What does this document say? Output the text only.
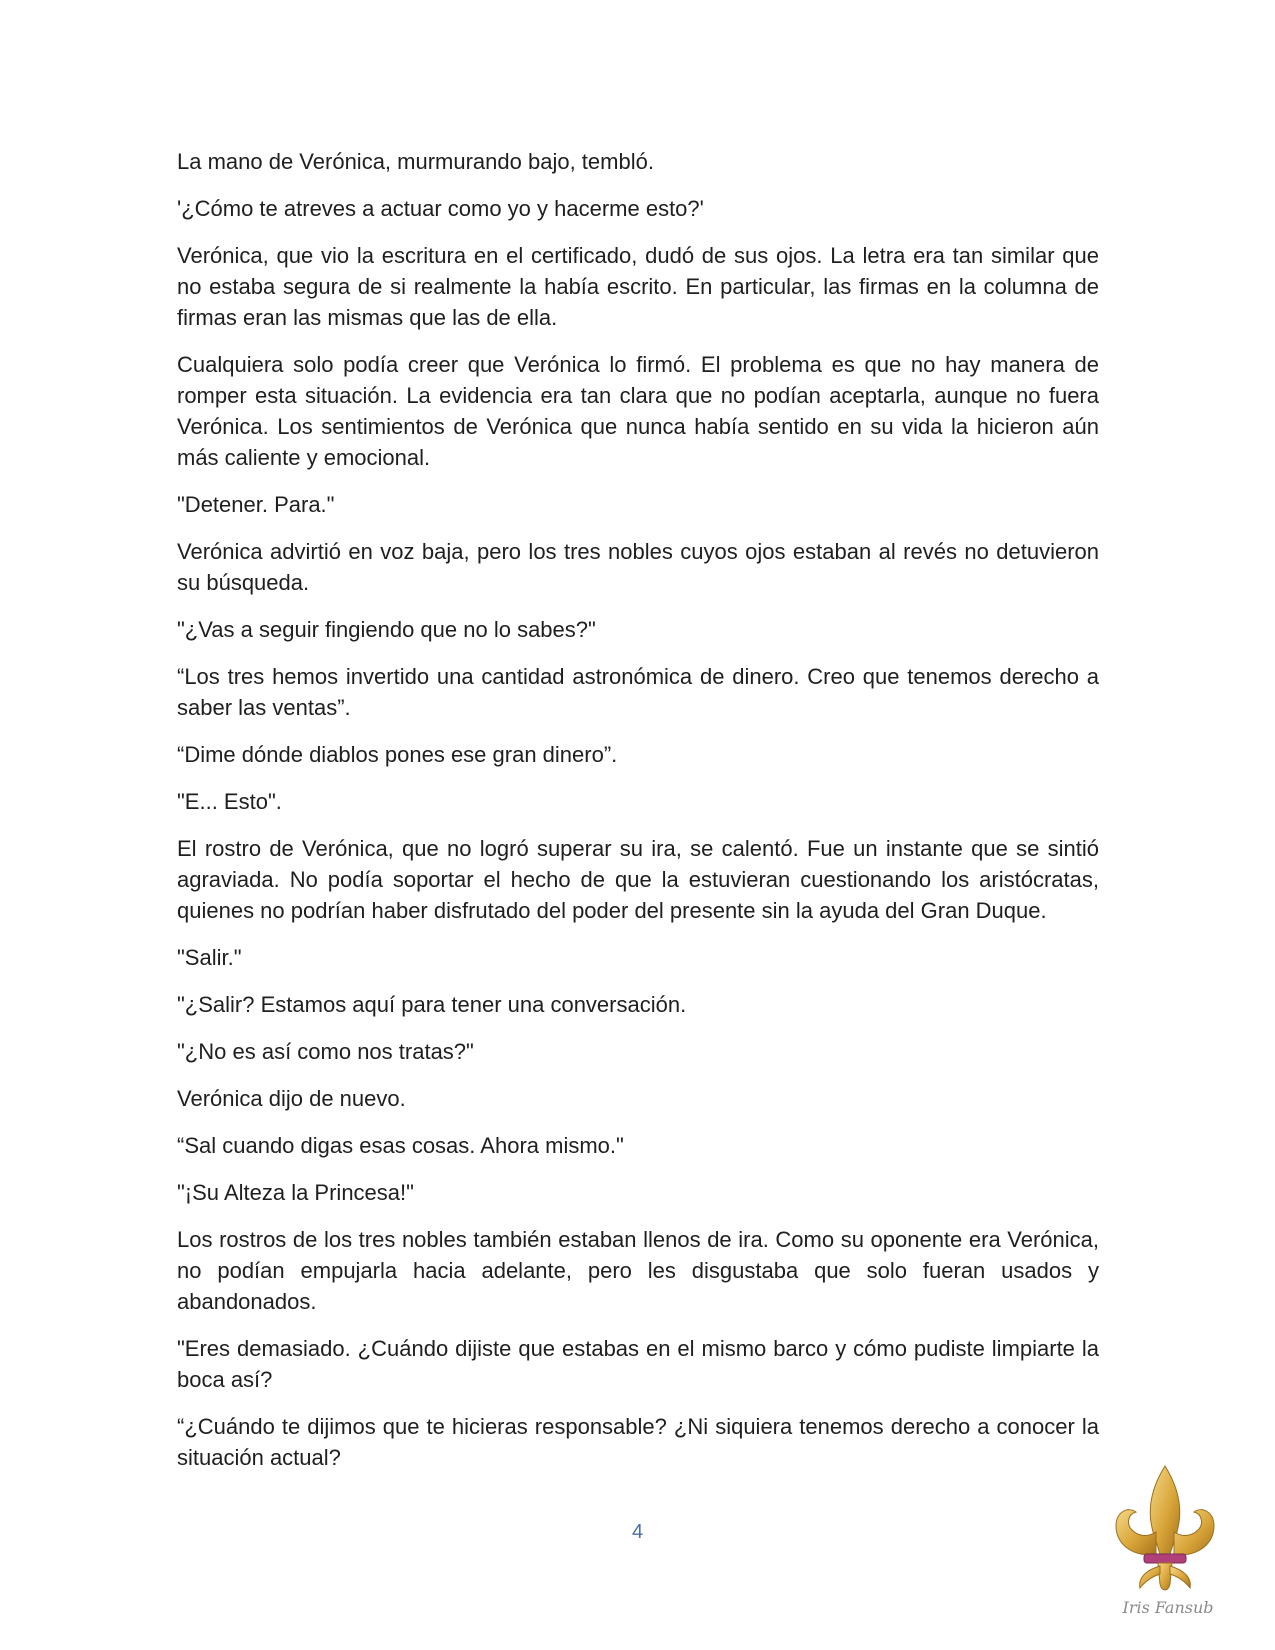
La mano de Verónica, murmurando bajo, tembló.

'¿Cómo te atreves a actuar como yo y hacerme esto?'

Verónica, que vio la escritura en el certificado, dudó de sus ojos. La letra era tan similar que no estaba segura de si realmente la había escrito. En particular, las firmas en la columna de firmas eran las mismas que las de ella.

Cualquiera solo podía creer que Verónica lo firmó. El problema es que no hay manera de romper esta situación. La evidencia era tan clara que no podían aceptarla, aunque no fuera Verónica. Los sentimientos de Verónica que nunca había sentido en su vida la hicieron aún más caliente y emocional.

"Detener. Para."

Verónica advirtió en voz baja, pero los tres nobles cuyos ojos estaban al revés no detuvieron su búsqueda.

"¿Vas a seguir fingiendo que no lo sabes?"

“Los tres hemos invertido una cantidad astronómica de dinero. Creo que tenemos derecho a saber las ventas”.

“Dime dónde diablos pones ese gran dinero”.

"E... Esto".

El rostro de Verónica, que no logró superar su ira, se calentó. Fue un instante que se sintió agraviada. No podía soportar el hecho de que la estuvieran cuestionando los aristócratas, quienes no podrían haber disfrutado del poder del presente sin la ayuda del Gran Duque.

"Salir."

"¿Salir? Estamos aquí para tener una conversación.

"¿No es así como nos tratas?"

Verónica dijo de nuevo.

“Sal cuando digas esas cosas. Ahora mismo."

"¡Su Alteza la Princesa!"

Los rostros de los tres nobles también estaban llenos de ira. Como su oponente era Verónica, no podían empujarla hacia adelante, pero les disgustaba que solo fueran usados y abandonados.

"Eres demasiado. ¿Cuándo dijiste que estabas en el mismo barco y cómo pudiste limpiarte la boca así?

“¿Cuándo te dijimos que te hicieras responsable? ¿Ni siquiera tenemos derecho a conocer la situación actual?

4
Iris Fansub
